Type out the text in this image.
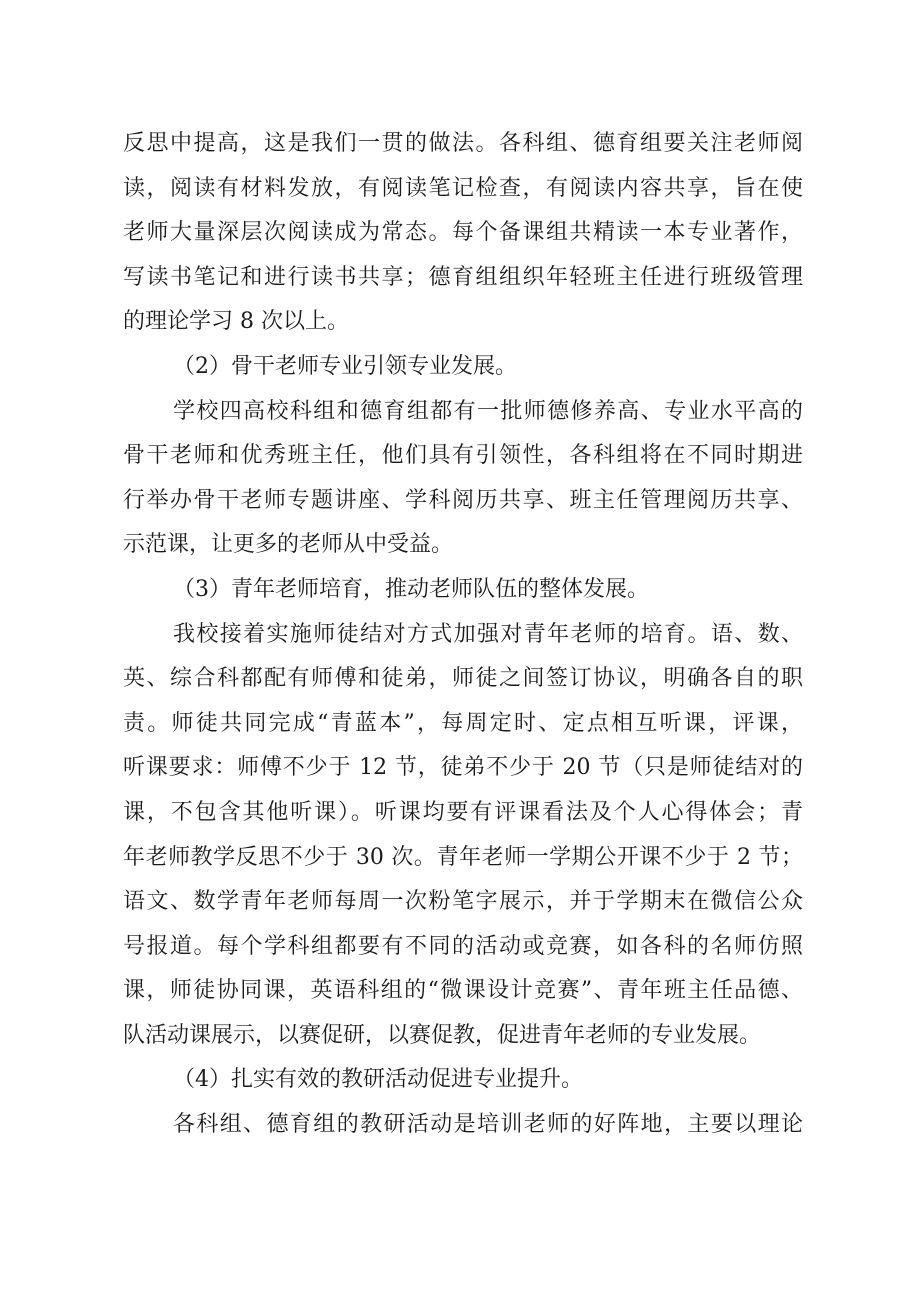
反思中提高，这是我们一贯的做法。各科组、德育组要关注老师阅
读，阅读有材料发放，有阅读笔记检查，有阅读内容共享，旨在使
老师大量深层次阅读成为常态。每个备课组共精读一本专业著作，
写读书笔记和进行读书共享；德育组组织年轻班主任进行班级管理
的理论学习 8 次以上。
（2）骨干老师专业引领专业发展。
学校四高校科组和德育组都有一批师德修养高、专业水平高的
骨干老师和优秀班主任，他们具有引领性，各科组将在不同时期进
行举办骨干老师专题讲座、学科阅历共享、班主任管理阅历共享、
示范课，让更多的老师从中受益。
（3）青年老师培育，推动老师队伍的整体发展。
我校接着实施师徒结对方式加强对青年老师的培育。语、数、
英、综合科都配有师傅和徒弟，师徒之间签订协议，明确各自的职
责。师徒共同完成“青蓝本”，每周定时、定点相互听课，评课，
听课要求：师傅不少于 12 节，徒弟不少于 20 节（只是师徒结对的
课，不包含其他听课）。听课均要有评课看法及个人心得体会；青
年老师教学反思不少于 30 次。青年老师一学期公开课不少于 2 节；
语文、数学青年老师每周一次粉笔字展示，并于学期末在微信公众
号报道。每个学科组都要有不同的活动或竞赛，如各科的名师仿照
课，师徒协同课，英语科组的“微课设计竞赛”、青年班主任品德、
队活动课展示，以赛促研，以赛促教，促进青年老师的专业发展。
（4）扎实有效的教研活动促进专业提升。
各科组、德育组的教研活动是培训老师的好阵地，主要以理论
